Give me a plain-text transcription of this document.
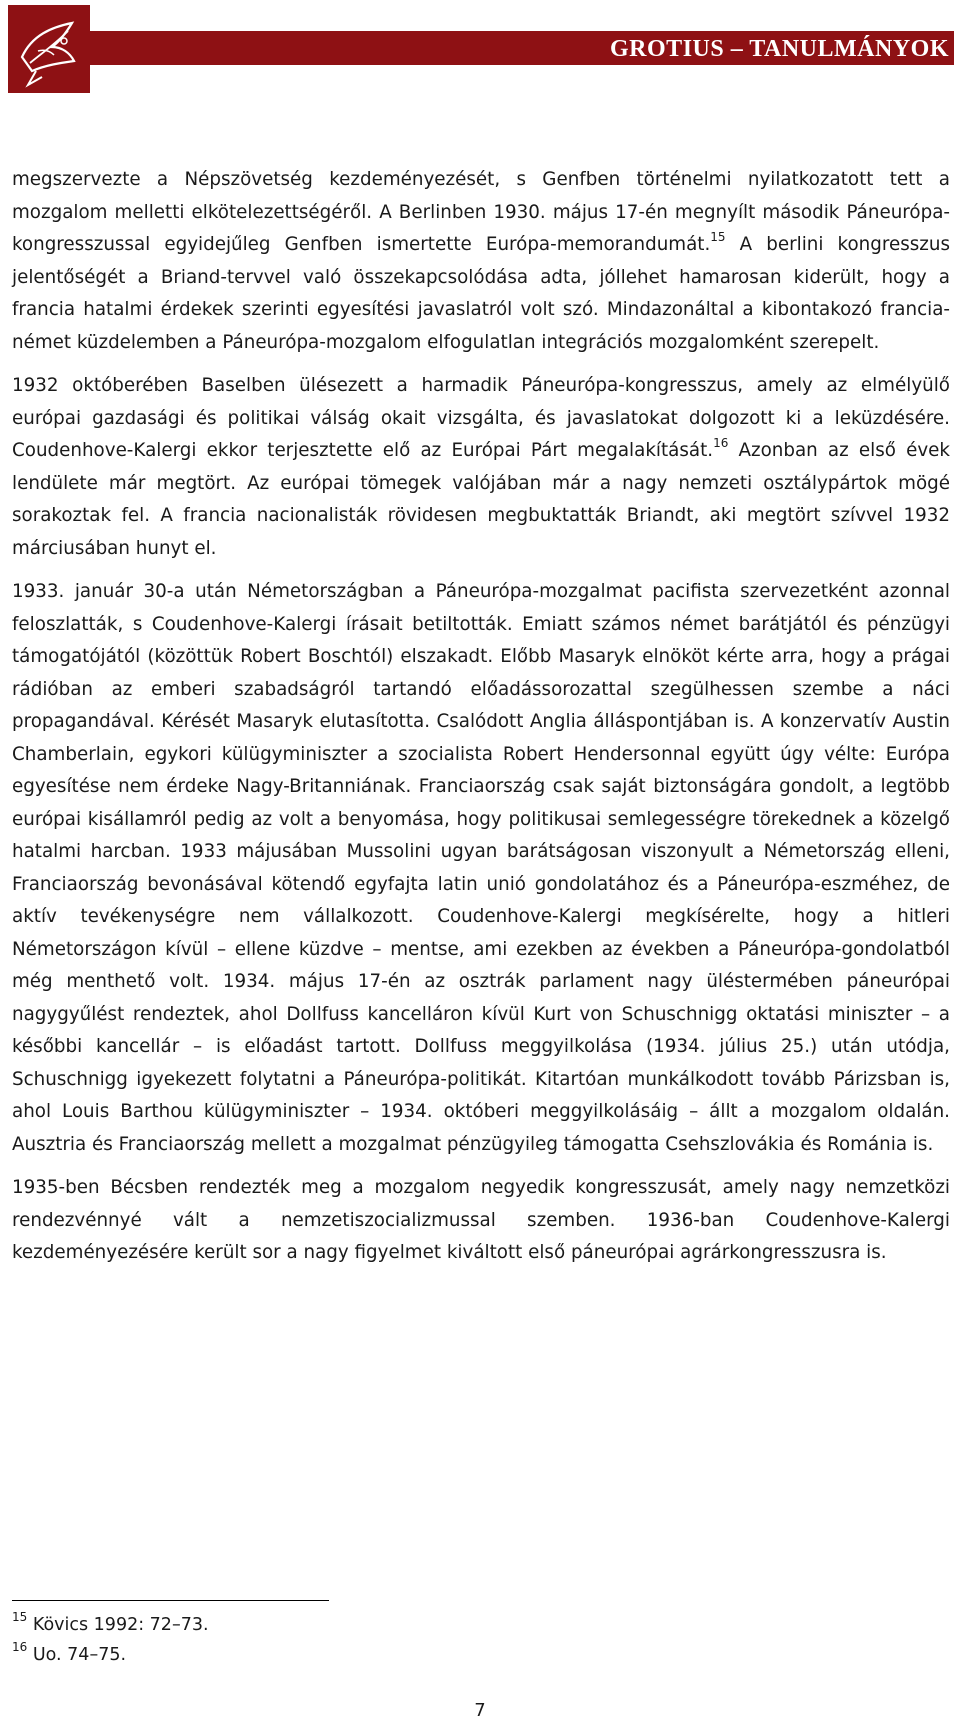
GROTIUS – TANULMÁNYOK

megszervezte a Népszövetség kezdeményezését, s Genfben történelmi nyilatkozatott tett a mozgalom melletti elkötelezettségéről. A Berlinben 1930. május 17-én megnyílt második Páneurópa-kongresszussal egyidejűleg Genfben ismertette Európa-memorandumát.$^{15}$ A berlini kongresszus jelentőségét a Briand-tervvel való összekapcsolódása adta, jóllehet hamarosan kiderült, hogy a francia hatalmi érdekek szerinti egyesítési javaslatról volt szó. Mindazonáltal a kibontakozó francia-német küzdelemben a Páneurópa-mozgalom elfogulatlan integrációs mozgalomként szerepelt.

1932 októberében Baselben ülésezett a harmadik Páneurópa-kongresszus, amely az elmélyülő európai gazdasági és politikai válság okait vizsgálta, és javaslatokat dolgozott ki a leküzdésére. Coudenhove-Kalergi ekkor terjesztette elő az Európai Párt megalakítását.$^{16}$ Azonban az első évek lendülete már megtört. Az európai tömegek valójában már a nagy nemzeti osztálypártok mögé sorakoztak fel. A francia nacionalisták rövidesen megbuktatták Briandt, aki megtört szívvel 1932 márciusában hunyt el.

1933. január 30-a után Németországban a Páneurópa-mozgalmat pacifista szervezetként azonnal feloszlatták, s Coudenhove-Kalergi írásait betiltották. Emiatt számos német barátjától és pénzügyi támogatójától (közöttük Robert Boschtól) elszakadt. Előbb Masaryk elnököt kérte arra, hogy a prágai rádióban az emberi szabadságról tartandó előadássorozattal szegülhessen szembe a náci propagandával. Kérését Masaryk elutasította. Csalódott Anglia álláspontjában is. A konzervatív Austin Chamberlain, egykori külügyminiszter a szocialista Robert Hendersonnal együtt úgy vélte: Európa egyesítése nem érdeke Nagy-Britanniának. Franciaország csak saját biztonságára gondolt, a legtöbb európai kisállamról pedig az volt a benyomása, hogy politikusai semlegességre törekednek a közelgő hatalmi harcban. 1933 májusában Mussolini ugyan barátságosan viszonyult a Németország elleni, Franciaország bevonásával kötendő egyfajta latin unió gondolatához és a Páneurópa-eszméhez, de aktív tevékenységre nem vállalkozott. Coudenhove-Kalergi megkísérelte, hogy a hitleri Németországon kívül – ellene küzdve – mentse, ami ezekben az években a Páneurópa-gondolatból még menthető volt. 1934. május 17-én az osztrák parlament nagy üléstermében páneurópai nagygyűlést rendeztek, ahol Dollfuss kancelláron kívül Kurt von Schuschnigg oktatási miniszter – a későbbi kancellár – is előadást tartott. Dollfuss meggyilkolása (1934. július 25.) után utódja, Schuschnigg igyekezett folytatni a Páneurópa-politikát. Kitartóan munkálkodott tovább Párizsban is, ahol Louis Barthou külügyminiszter – 1934. októberi meggyilkolásáig – állt a mozgalom oldalán. Ausztria és Franciaország mellett a mozgalmat pénzügyileg támogatta Csehszlovákia és Románia is.

1935-ben Bécsben rendezték meg a mozgalom negyedik kongresszusát, amely nagy nemzetközi rendezvénnyé vált a nemzetiszocializmussal szemben. 1936-ban Coudenhove-Kalergi kezdeményezésére került sor a nagy figyelmet kiváltott első páneurópai agrárkongresszusra is.

$^{15}$ Kövics 1992: 72–73.
$^{16}$ Uo. 74–75.
7
